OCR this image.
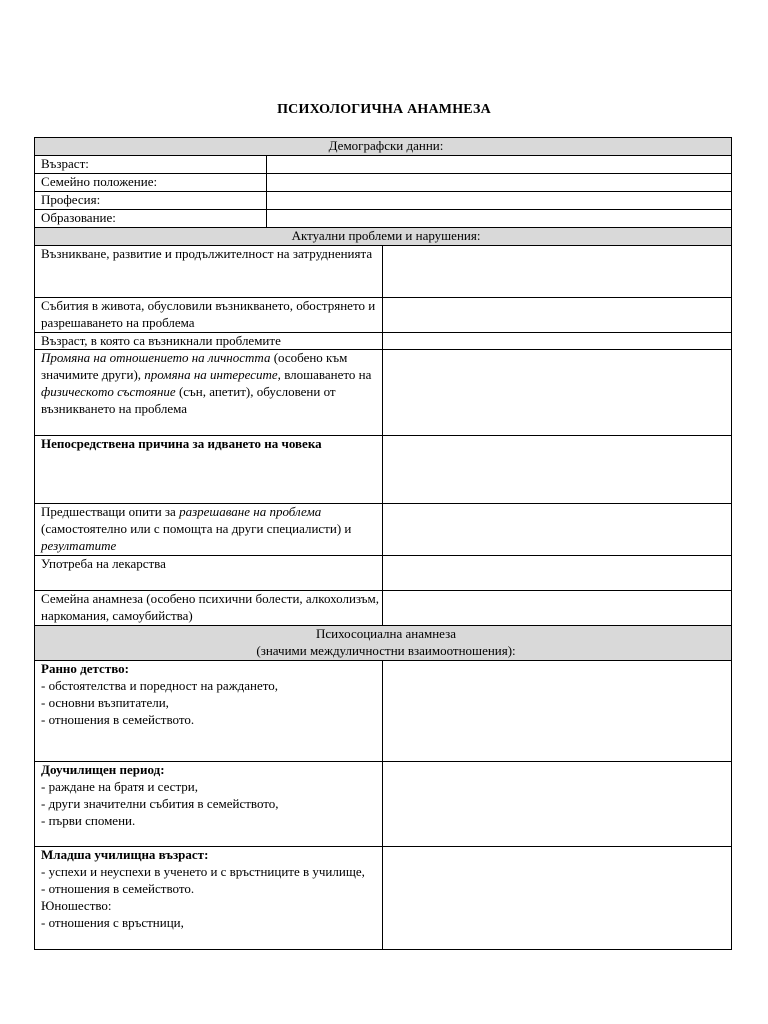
ПСИХОЛОГИЧНА АНАМНЕЗА
Демографски данни:		
Възраст:		
Семейно положение:		
Професия:		
Образование:		
Актуални проблеми и нарушения:		
Възникване, развитие и продължителност на затрудненията		
Събития в живота, обусловили възникването, обострянето и разрешаването на проблема		
Възраст, в която са възникнали проблемите		
Промяна на отношението на личността (особено към значимите други), промяна на интересите, влошаването на физическото състояние (сън, апетит), обусловени от възникването на проблема		
Непосредствена причина за идването на човека		
Предшестващи опити за разрешаване на проблема (самостоятелно или с помощта на други специалисти) и резултатите		
Употреба на лекарства		
Семейна анамнеза (особено психични болести, алкохолизъм, наркомания, самоубийства)		

Психосоциална анамнеза
(значими междуличностни взаимоотношения):		

Ранно детство:
- обстоятелства и поредност на раждането,
- основни възпитатели,
- отношения в семейството.		

Доучилищен период:
- раждане на братя и сестри,
- други значителни събития в семейството,
- първи спомени.		

Младша училищна възраст:
- успехи и неуспехи в ученето и с връстниците в училище,
- отношения в семейството.
Юношество:
- отношения с връстници,		
